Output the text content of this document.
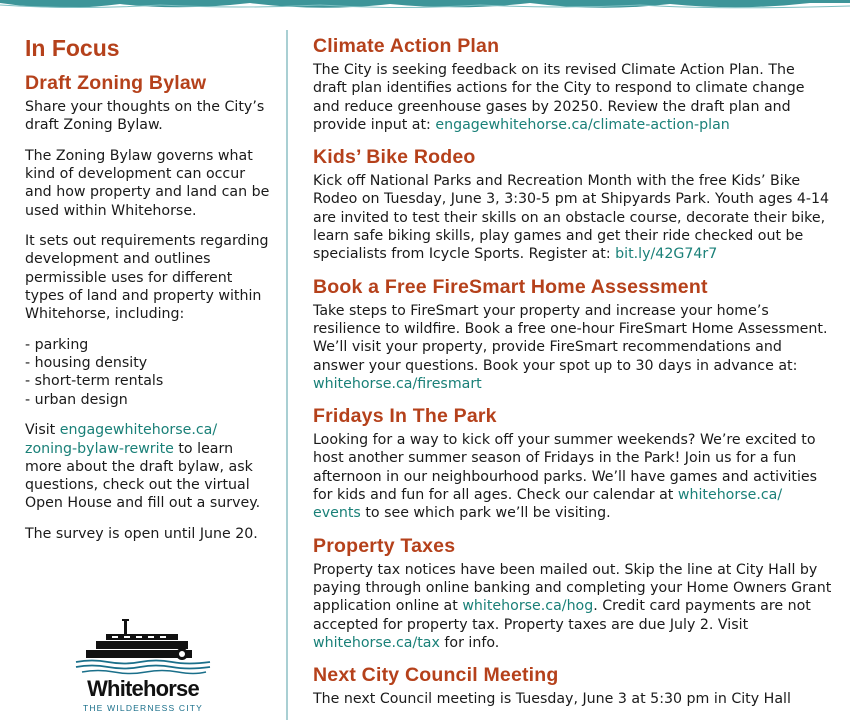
In Focus
Draft Zoning Bylaw

Share your thoughts on the City’s draft Zoning Bylaw.

The Zoning Bylaw governs what kind of development can occur and how property and land can be used within Whitehorse.

It sets out requirements regarding development and outlines permissible uses for different types of land and property within Whitehorse, including:

- parking
- housing density
- short-term rentals
- urban design

Visit engagewhitehorse.ca/ zoning-bylaw-rewrite to learn more about the draft bylaw, ask questions, check out the virtual Open House and fill out a survey.

The survey is open until June 20.

Whitehorse
THE WILDERNESS CITY
Climate Action Plan

The City is seeking feedback on its revised Climate Action Plan. The draft plan identifies actions for the City to respond to climate change and reduce greenhouse gases by 20250. Review the draft plan and provide input at: engagewhitehorse.ca/climate-action-plan

Kids’ Bike Rodeo

Kick off National Parks and Recreation Month with the free Kids’ Bike Rodeo on Tuesday, June 3, 3:30-5 pm at Shipyards Park. Youth ages 4-14 are invited to test their skills on an obstacle course, decorate their bike, learn safe biking skills, play games and get their ride checked out be specialists from Icycle Sports. Register at: bit.ly/42G74r7

Book a Free FireSmart Home Assessment

Take steps to FireSmart your property and increase your home’s resilience to wildfire. Book a free one-hour FireSmart Home Assessment. We’ll visit your property, provide FireSmart recommendations and answer your questions. Book your spot up to 30 days in advance at: whitehorse.ca/firesmart

Fridays In The Park

Looking for a way to kick off your summer weekends? We’re excited to host another summer season of Fridays in the Park! Join us for a fun afternoon in our neighbourhood parks. We’ll have games and activities for kids and fun for all ages. Check our calendar at whitehorse.ca/ events to see which park we’ll be visiting.

Property Taxes

Property tax notices have been mailed out. Skip the line at City Hall by paying through online banking and completing your Home Owners Grant application online at whitehorse.ca/hog. Credit card payments are not accepted for property tax. Property taxes are due July 2. Visit whitehorse.ca/tax for info.

Next City Council Meeting

The next Council meeting is Tuesday, June 3 at 5:30 pm in City Hall
